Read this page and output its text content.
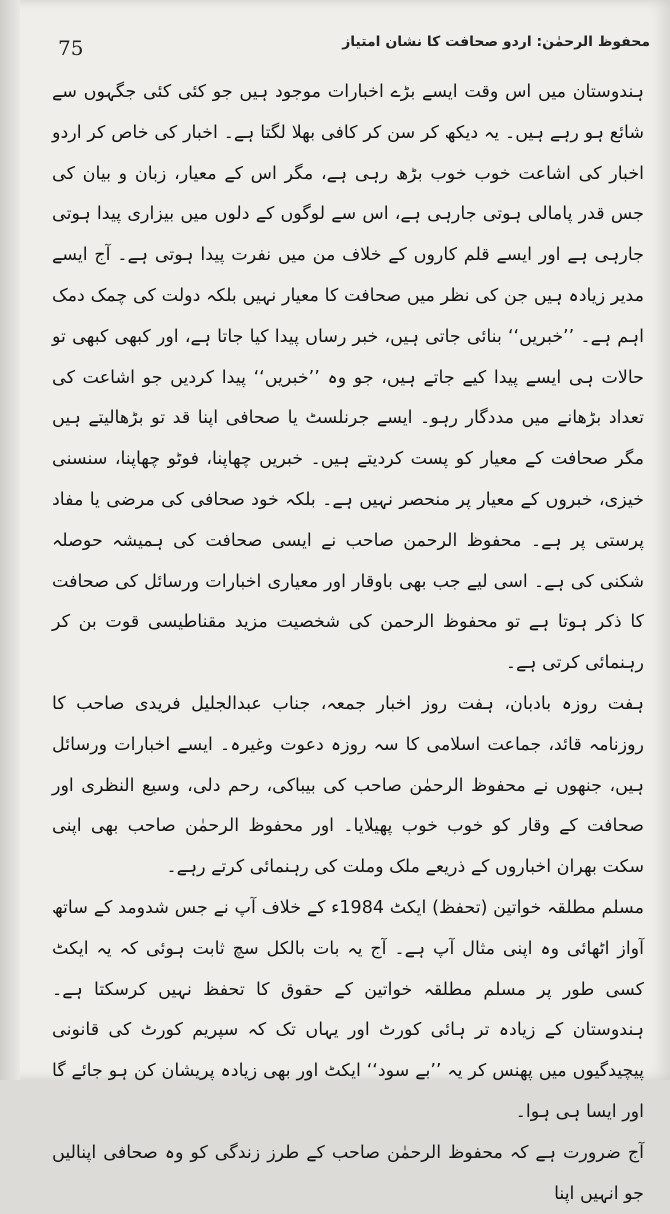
75	محفوظ الرحمٰن: اردو صحافت کا نشان امتیاز

ہندوستان میں اس وقت ایسے بڑے اخبارات موجود ہیں جو کئی کئی جگہوں سے شائع ہو رہے ہیں۔ یہ دیکھ کر سن کر کافی بھلا لگتا ہے۔ اخبار کی خاص کر اردو اخبار کی اشاعت خوب خوب بڑھ رہی ہے، مگر اس کے معیار، زبان و بیان کی جس قدر پامالی ہوتی جارہی ہے، اس سے لوگوں کے دلوں میں بیزاری پیدا ہوتی جارہی ہے اور ایسے قلم کاروں کے خلاف من میں نفرت پیدا ہوتی ہے۔ آج ایسے مدیر زیادہ ہیں جن کی نظر میں صحافت کا معیار نہیں بلکہ دولت کی چمک دمک اہم ہے۔ ’’خبریں‘‘ بنائی جاتی ہیں، خبر رساں پیدا کیا جاتا ہے، اور کبھی کبھی تو حالات ہی ایسے پیدا کیے جاتے ہیں، جو وہ ’’خبریں‘‘ پیدا کردیں جو اشاعت کی تعداد بڑھانے میں مددگار رہو۔ ایسے جرنلسٹ یا صحافی اپنا قد تو بڑھالیتے ہیں مگر صحافت کے معیار کو پست کردیتے ہیں۔ خبریں چھاپنا، فوٹو چھاپنا، سنسنی خیزی، خبروں کے معیار پر منحصر نہیں ہے۔ بلکہ خود صحافی کی مرضی یا مفاد پرستی پر ہے۔ محفوظ الرحمن صاحب نے ایسی صحافت کی ہمیشہ حوصلہ شکنی کی ہے۔ اسی لیے جب بھی باوقار اور معیاری اخبارات ورسائل کی صحافت کا ذکر ہوتا ہے تو محفوظ الرحمن کی شخصیت مزید مقناطیسی قوت بن کر رہنمائی کرتی ہے۔

ہفت روزہ بادبان، ہفت روز اخبار جمعہ، جناب عبدالجلیل فریدی صاحب کا روزنامہ قائد، جماعت اسلامی کا سہ روزہ دعوت وغیرہ۔ ایسے اخبارات ورسائل ہیں، جنھوں نے محفوظ الرحمٰن صاحب کی بیباکی، رحم دلی، وسیع النظری اور صحافت کے وقار کو خوب خوب پھیلایا۔ اور محفوظ الرحمٰن صاحب بھی اپنی سکت بھران اخباروں کے ذریعے ملک وملت کی رہنمائی کرتے رہے۔

مسلم مطلقہ خواتین (تحفظ) ایکٹ 1984ء کے خلاف آپ نے جس شدومد کے ساتھ آواز اٹھائی وہ اپنی مثال آپ ہے۔ آج یہ بات بالکل سچ ثابت ہوئی کہ یہ ایکٹ کسی طور پر مسلم مطلقہ خواتین کے حقوق کا تحفظ نہیں کرسکتا ہے۔ ہندوستان کے زیادہ تر ہائی کورٹ اور یہاں تک کہ سپریم کورٹ کی قانونی پیچیدگیوں میں پھنس کر یہ ’’بے سود‘‘ ایکٹ اور بھی زیادہ پریشان کن ہو جائے گا اور ایسا ہی ہوا۔

آج ضرورت ہے کہ محفوظ الرحمٰن صاحب کے طرز زندگی کو وہ صحافی اپنالیں جو انہیں اپنا
